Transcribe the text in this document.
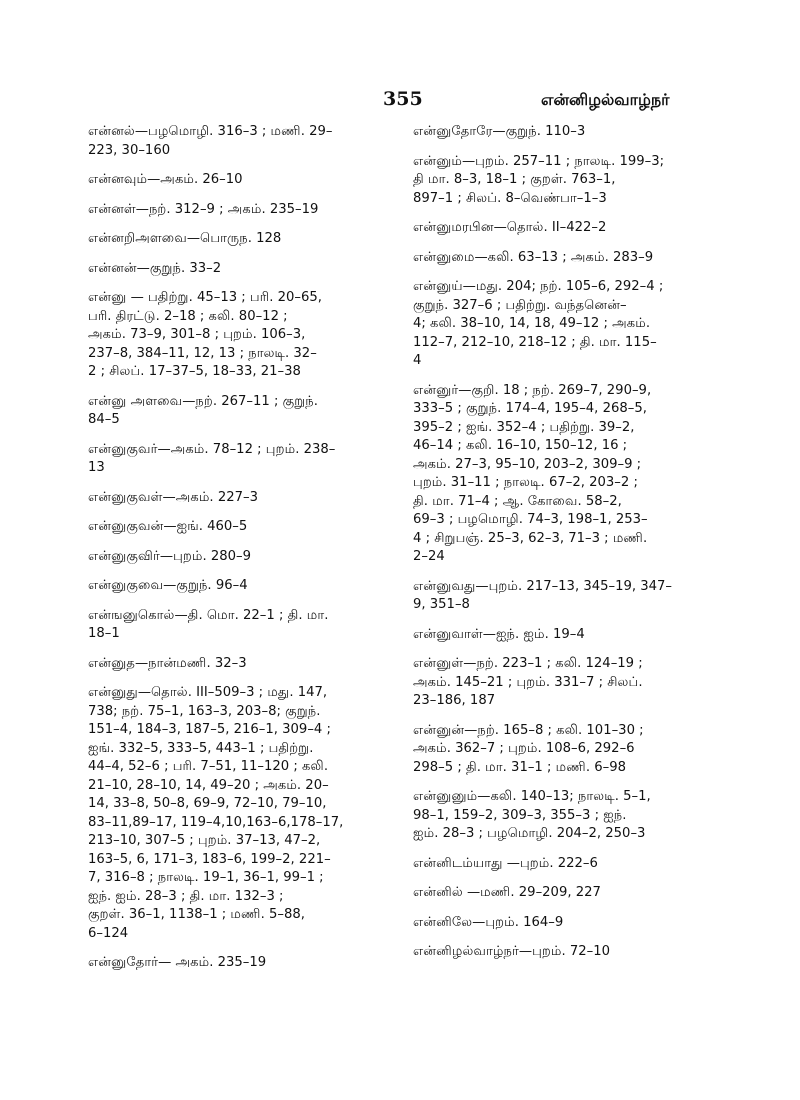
355	என்னிழல்வாழ்நர்
என்னல்—பழமொழி. 316–3 ; மணி. 29–
223, 30–160
என்னவும்—அகம். 26–10
என்னள்—நற். 312–9 ; அகம். 235–19
என்னறிஅளவை—பொருந. 128
என்னன்—குறுந். 33–2
என்னு — பதிற்று. 45–13 ; பரி. 20–65,
பரி. திரட்டு. 2–18 ; கலி. 80–12 ;
அகம். 73–9, 301–8 ; புறம். 106–3,
237–8, 384–11, 12, 13 ; நாலடி. 32–
2 ; சிலப். 17–37–5, 18–33, 21–38
என்னு அளவை—நற். 267–11 ; குறுந்.
84–5
என்னுகுவர்—அகம். 78–12 ; புறம். 238–
13
என்னுகுவள்—அகம். 227–3
என்னுகுவன்—ஐங். 460–5
என்னுகுவிர்—புறம். 280–9
என்னுகுவை—குறுந். 96–4
என்ஙனுகொல்—தி. மொ. 22–1 ; தி. மா.
18–1
என்னுத—நான்மணி. 32–3
என்னுது—தொல். III–509–3 ; மது. 147,
738; நற். 75–1, 163–3, 203–8; குறுந்.
151–4, 184–3, 187–5, 216–1, 309–4 ;
ஐங். 332–5, 333–5, 443–1 ; பதிற்று.
44–4, 52–6 ; பரி. 7–51, 11–120 ; கலி.
21–10, 28–10, 14, 49–20 ; அகம். 20–
14, 33–8, 50–8, 69–9, 72–10, 79–10,
83–11,89–17, 119–4,10,163–6,178–17,
213–10, 307–5 ; புறம். 37–13, 47–2,
163–5, 6, 171–3, 183–6, 199–2, 221–
7, 316–8 ; நாலடி. 19–1, 36–1, 99–1 ;
ஐந். ஐம். 28–3 ; தி. மா. 132–3 ;
குறள். 36–1, 1138–1 ; மணி. 5–88,
6–124
என்னுதோர்— அகம். 235–19
என்னுதோரே—குறுந். 110–3
என்னும்—புறம். 257–11 ; நாலடி. 199–3;
தி மா. 8–3, 18–1 ; குறள். 763–1,
897–1 ; சிலப். 8–வெண்பா–1–3
என்னுமரபின—தொல். II–422–2
என்னுமை—கலி. 63–13 ; அகம். 283–9
என்னுய்—மது. 204; நற். 105–6, 292–4 ;
குறுந். 327–6 ; பதிற்று. வந்தனென்–
4; கலி. 38–10, 14, 18, 49–12 ; அகம்.
112–7, 212–10, 218–12 ; தி. மா. 115–
4
என்னுர்—குறி. 18 ; நற். 269–7, 290–9,
333–5 ; குறுந். 174–4, 195–4, 268–5,
395–2 ; ஐங். 352–4 ; பதிற்று. 39–2,
46–14 ; கலி. 16–10, 150–12, 16 ;
அகம். 27–3, 95–10, 203–2, 309–9 ;
புறம். 31–11 ; நாலடி. 67–2, 203–2 ;
தி. மா. 71–4 ; ஆ. கோவை. 58–2,
69–3 ; பழமொழி. 74–3, 198–1, 253–
4 ; சிறுபஞ். 25–3, 62–3, 71–3 ; மணி.
2–24
என்னுவது—புறம். 217–13, 345–19, 347–
9, 351–8
என்னுவாள்—ஐந். ஐம். 19–4
என்னுள்—நற். 223–1 ; கலி. 124–19 ;
அகம். 145–21 ; புறம். 331–7 ; சிலப்.
23–186, 187
என்னுன்—நற். 165–8 ; கலி. 101–30 ;
அகம். 362–7 ; புறம். 108–6, 292–6
298–5 ; தி. மா. 31–1 ; மணி. 6–98
என்னுனும்—கலி. 140–13; நாலடி. 5–1,
98–1, 159–2, 309–3, 355–3 ; ஐந்.
ஐம். 28–3 ; பழமொழி. 204–2, 250–3
என்னிடம்யாது —புறம். 222–6
என்னில் —மணி. 29–209, 227
என்னிலே—புறம். 164–9
என்னிழல்வாழ்நர்—புறம். 72–10
